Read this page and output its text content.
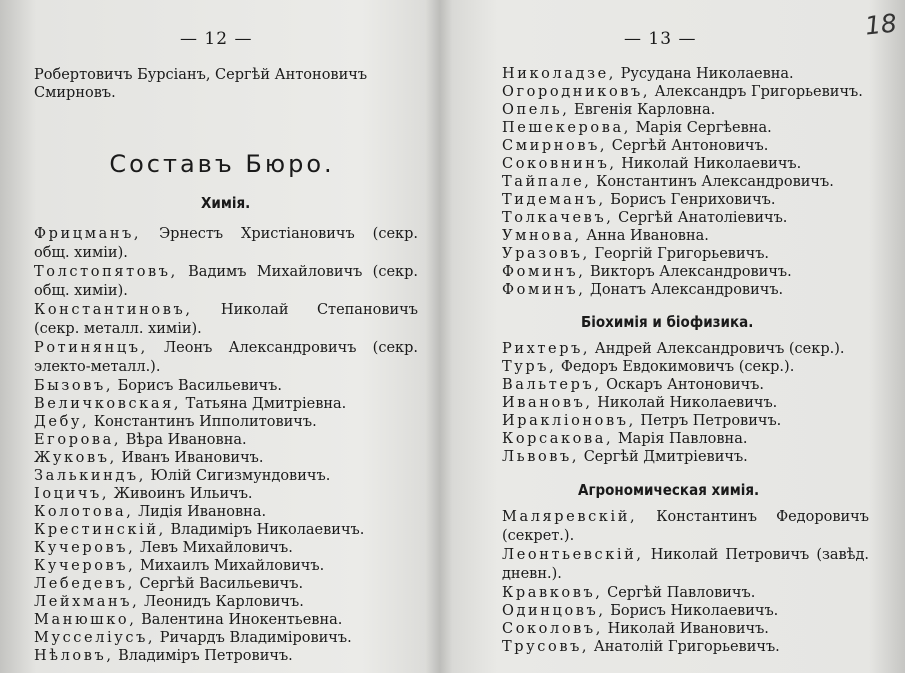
— 12 —
Робертовичъ Бурсіанъ, Сергѣй Антоновичъ Смирновъ.
Составъ Бюро.
Химія.
Фрицманъ, Эрнестъ Христіановичъ (секр. общ. химіи).
Толстопятовъ, Вадимъ Михайловичъ (секр. общ. химіи).
Константиновъ, Николай Степановичъ (секр. металл. химіи).
Ротинянцъ, Леонъ Александровичъ (секр. электо-металл.).
Бызовъ, Борисъ Васильевичъ.
Величковская, Татьяна Дмитріевна.
Дебу, Константинъ Ипполитовичъ.
Егорова, Вѣра Ивановна.
Жуковъ, Иванъ Ивановичъ.
Залькиндъ, Юлій Сигизмундовичъ.
Іоцичъ, Живоинъ Ильичъ.
Колотова, Лидія Ивановна.
Крестинскій, Владиміръ Николаевичъ.
Кучеровъ, Левъ Михайловичъ.
Кучеровъ, Михаилъ Михайловичъ.
Лебедевъ, Сергѣй Васильевичъ.
Лейхманъ, Леонидъ Карловичъ.
Манюшко, Валентина Инокентьевна.
Мусселіусъ, Ричардъ Владиміровичъ.
Нѣловъ, Владиміръ Петровичъ.
— 13 —	18
Николадзе, Русудана Николаевна.
Огородниковъ, Александръ Григорьевичъ.
Опель, Евгенія Карловна.
Пешекерова, Марія Сергѣевна.
Смирновъ, Сергѣй Антоновичъ.
Соковнинъ, Николай Николаевичъ.
Тайпале, Константинъ Александровичъ.
Тидеманъ, Борисъ Генриховичъ.
Толкачевъ, Сергѣй Анатоліевичъ.
Умнова, Анна Ивановна.
Уразовъ, Георгій Григорьевичъ.
Фоминъ, Викторъ Александровичъ.
Фоминъ, Донатъ Александровичъ.
Біохимія и біофизика.
Рихтеръ, Андрей Александровичъ (секр.).
Туръ, Федоръ Евдокимовичъ (секр.).
Вальтеръ, Оскаръ Антоновичъ.
Ивановъ, Николай Николаевичъ.
Ираклiоновъ, Петръ Петровичъ.
Корсакова, Марія Павловна.
Львовъ, Сергѣй Дмитріевичъ.
Агрономическая химія.
Маляревскій, Константинъ Федоровичъ (секрет.).
Леонтьевскій, Николай Петровичъ (завѣд. дневн.).
Кравковъ, Сергѣй Павловичъ.
Одинцовъ, Борисъ Николаевичъ.
Соколовъ, Николай Ивановичъ.
Трусовъ, Анатолій Григорьевичъ.
